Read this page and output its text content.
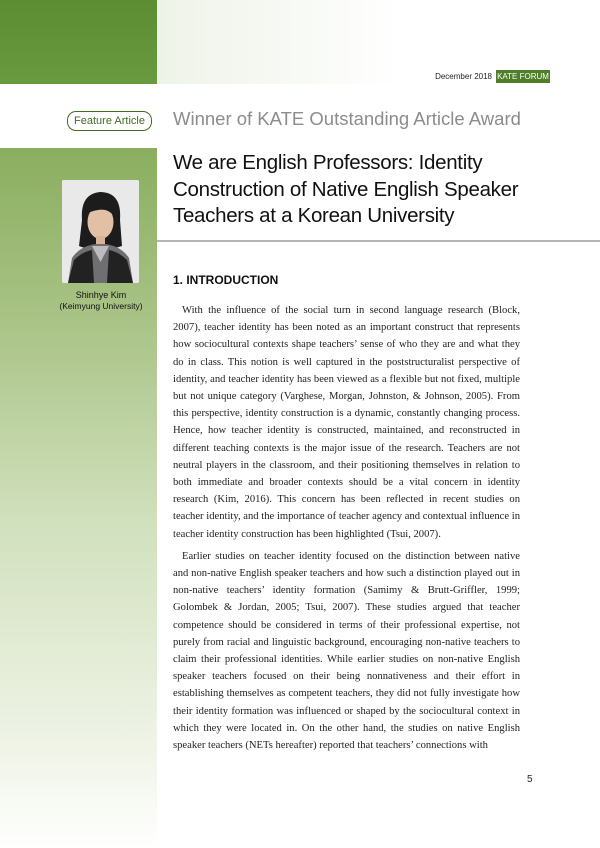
December 2018 KATE FORUM
Feature Article	Winner of KATE Outstanding Article Award
We are English Professors: Identity
Construction of Native English Speaker
Teachers at a Korean University
Shinhye Kim
(Keimyung University)
1. INTRODUCTION

With the influence of the social turn in second language research (Block, 2007), teacher identity has been noted as an important construct that represents how sociocultural contexts shape teachers’ sense of who they are and what they do in class. This notion is well captured in the poststructuralist perspective of identity, and teacher identity has been viewed as a flexible but not fixed, multiple but not unique category (Varghese, Morgan, Johnston, & Johnson, 2005). From this perspective, identity construction is a dynamic, constantly changing process. Hence, how teacher identity is constructed, maintained, and reconstructed in different teaching contexts is the major issue of the research. Teachers are not neutral players in the classroom, and their positioning themselves in relation to both immediate and broader contexts should be a vital concern in identity research (Kim, 2016). This concern has been reflected in recent studies on teacher identity, and the importance of teacher agency and contextual influence in teacher identity construction has been highlighted (Tsui, 2007).

Earlier studies on teacher identity focused on the distinction between native and non-native English speaker teachers and how such a distinction played out in non-native teachers’ identity formation (Samimy & Brutt-Griffler, 1999; Golombek & Jordan, 2005; Tsui, 2007). These studies argued that teacher competence should be considered in terms of their professional expertise, not purely from racial and linguistic background, encouraging non-native teachers to claim their professional identities. While earlier studies on non-native English speaker teachers focused on their being nonnativeness and their effort in establishing themselves as competent teachers, they did not fully investigate how their identity formation was influenced or shaped by the sociocultural context in which they were located in. On the other hand, the studies on native English speaker teachers (NETs hereafter) reported that teachers’ connections with

5
